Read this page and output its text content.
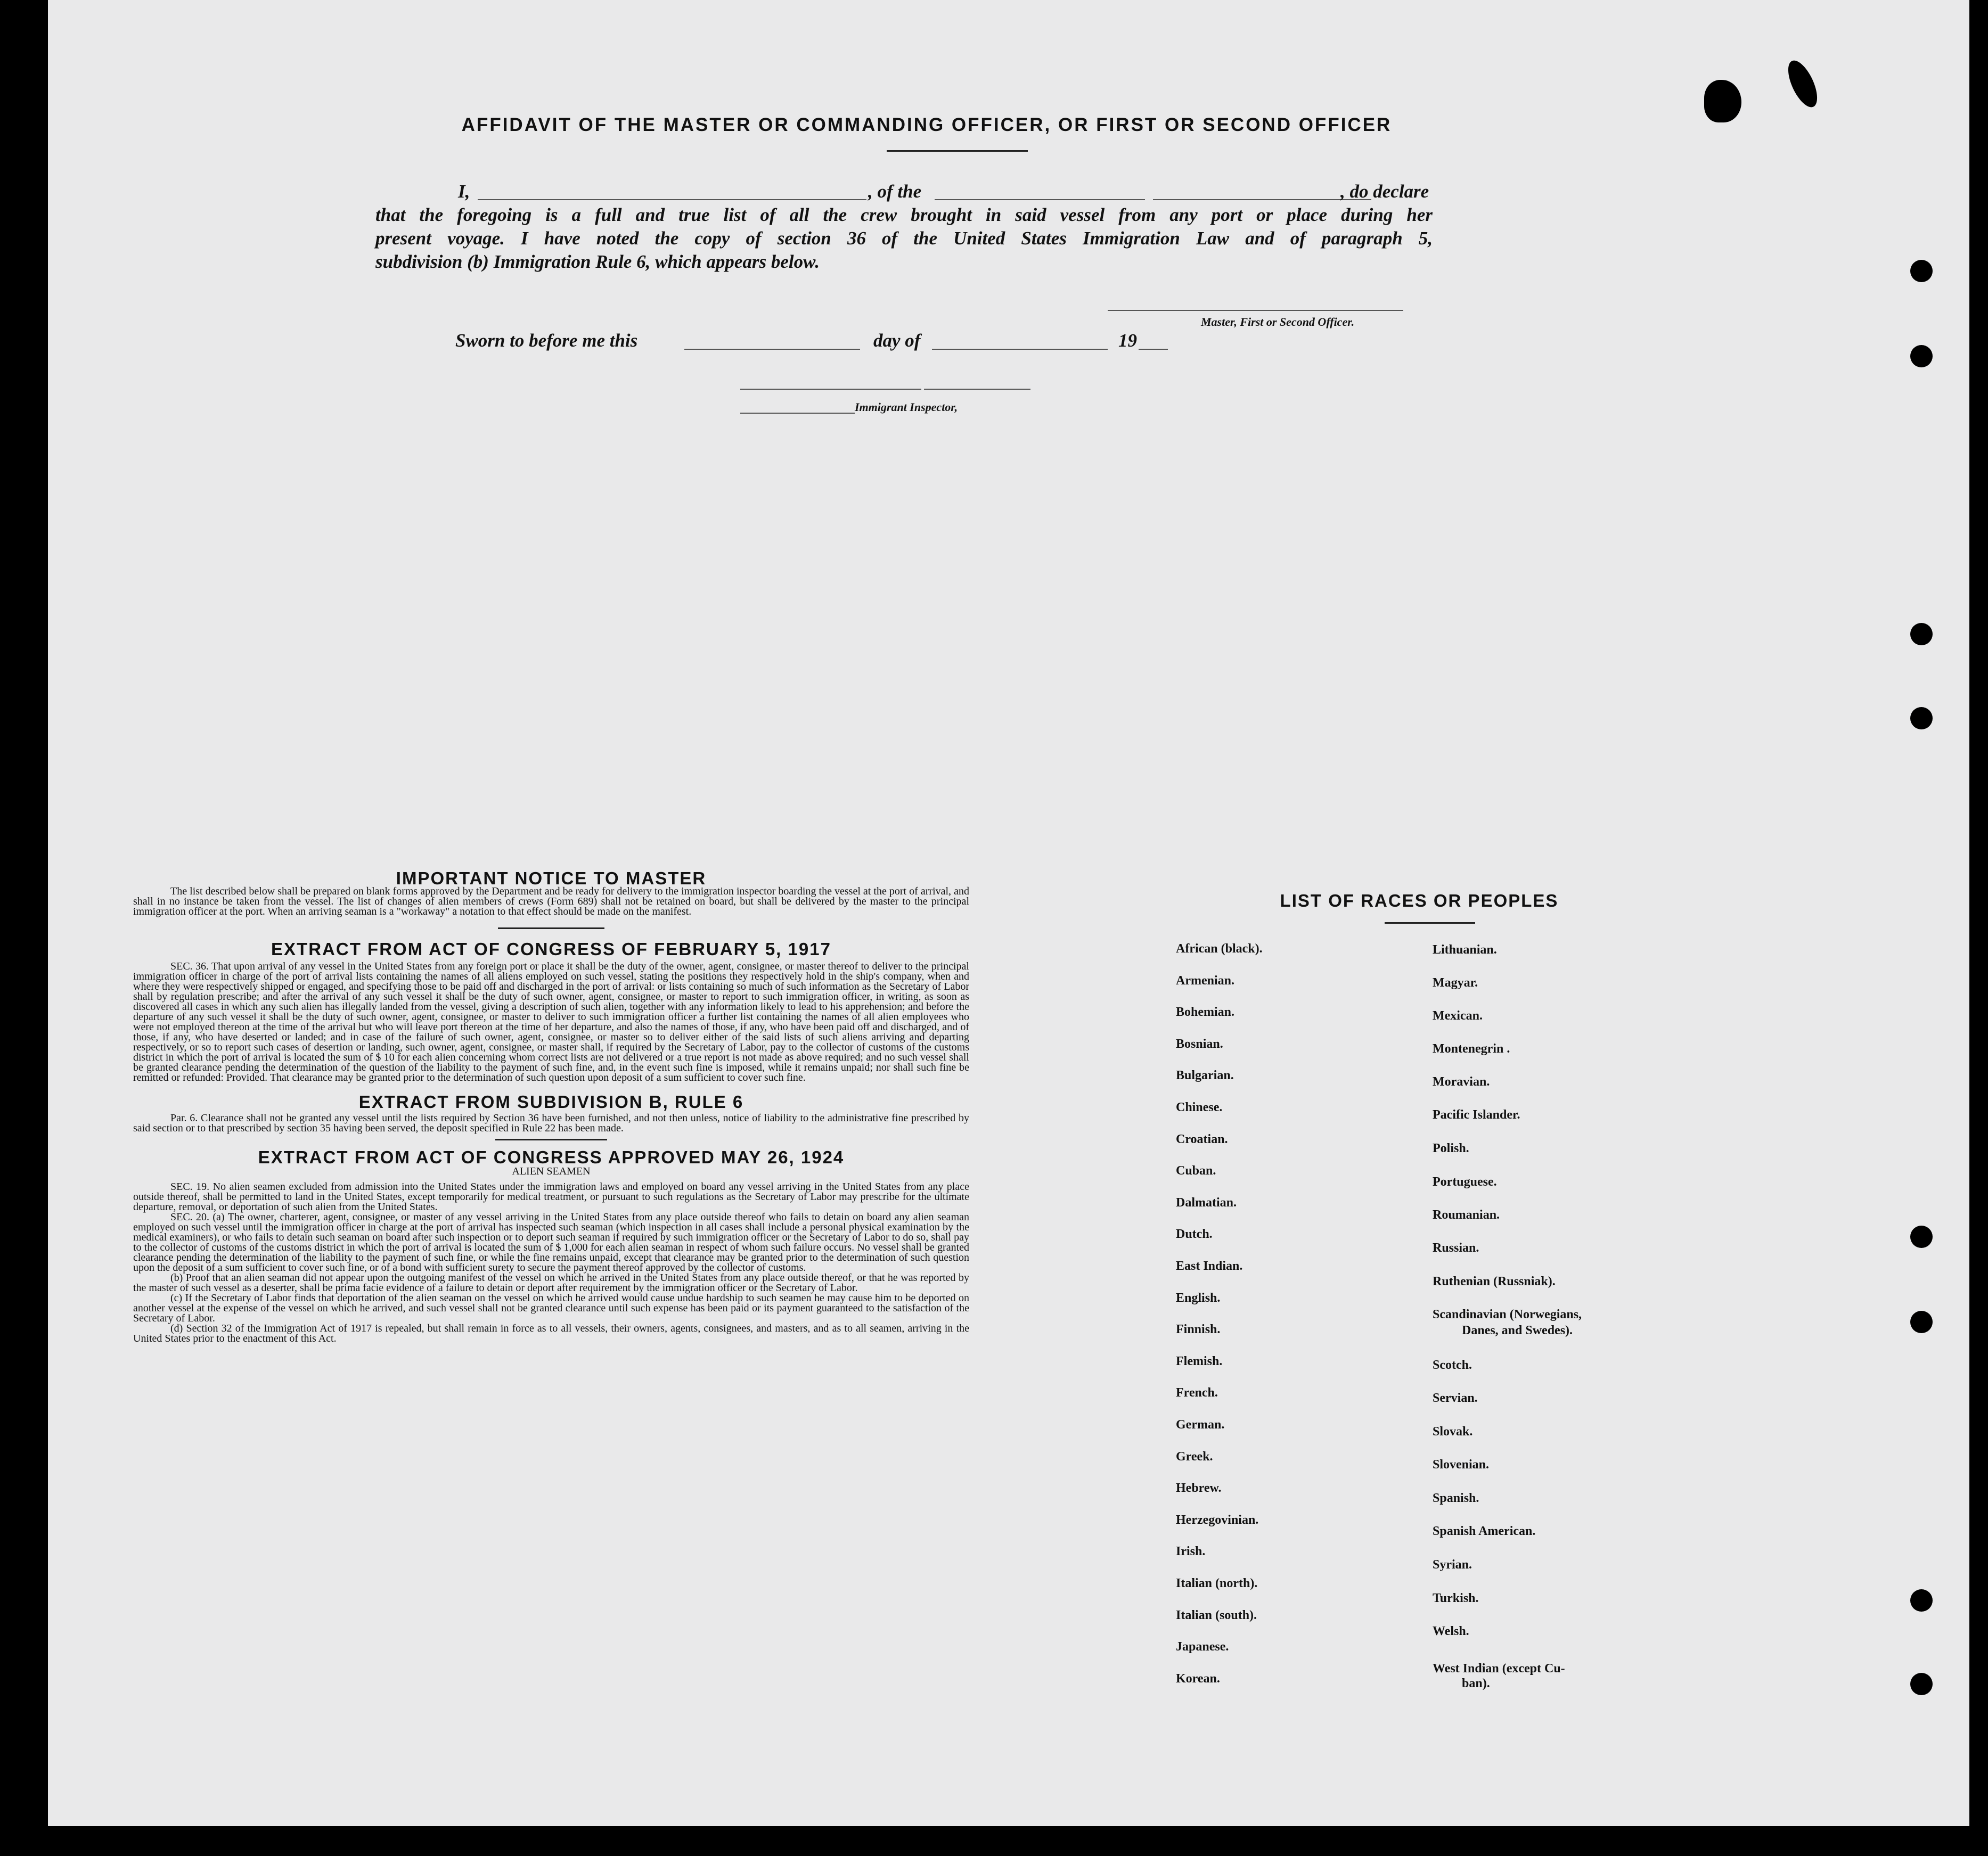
AFFIDAVIT OF THE MASTER OR COMMANDING OFFICER, OR FIRST OR SECOND OFFICER
I,	, of the	, do declare

that the foregoing is a full and true list of all the crew brought in said vessel from any port or place during her

present voyage. I have noted the copy of section 36 of the United States Immigration Law and of paragraph 5,

subdivision (b) Immigration Rule 6, which appears below.

Master, First or Second Officer.
Sworn to before me this	day of	19
Immigrant Inspector,

IMPORTANT NOTICE TO MASTER

The list described below shall be prepared on blank forms approved by the Department and be ready for delivery to the immigration inspector boarding the vessel at the port of arrival, and shall in no instance be taken from the vessel. The list of changes of alien members of crews (Form 689) shall not be retained on board, but shall be delivered by the master to the principal immigration officer at the port. When an arriving seaman is a "workaway" a notation to that effect should be made on the manifest.

EXTRACT FROM ACT OF CONGRESS OF FEBRUARY 5, 1917

SEC. 36. That upon arrival of any vessel in the United States from any foreign port or place it shall be the duty of the owner, agent, consignee, or master thereof to deliver to the principal immigration officer in charge of the port of arrival lists containing the names of all aliens employed on such vessel, stating the positions they respectively hold in the ship's company, when and where they were respectively shipped or engaged, and specifying those to be paid off and discharged in the port of arrival: or lists containing so much of such information as the Secretary of Labor shall by regulation prescribe; and after the arrival of any such vessel it shall be the duty of such owner, agent, consignee, or master to report to such immigration officer, in writing, as soon as discovered all cases in which any such alien has illegally landed from the vessel, giving a description of such alien, together with any information likely to lead to his apprehension; and before the departure of any such vessel it shall be the duty of such owner, agent, consignee, or master to deliver to such immigration officer a further list containing the names of all alien employees who were not employed thereon at the time of the arrival but who will leave port thereon at the time of her departure, and also the names of those, if any, who have been paid off and discharged, and of those, if any, who have deserted or landed; and in case of the failure of such owner, agent, consignee, or master so to deliver either of the said lists of such aliens arriving and departing respectively, or so to report such cases of desertion or landing, such owner, agent, consignee, or master shall, if required by the Secretary of Labor, pay to the collector of customs of the customs district in which the port of arrival is located the sum of $ 10 for each alien concerning whom correct lists are not delivered or a true report is not made as above required; and no such vessel shall be granted clearance pending the determination of the question of the liability to the payment of such fine, and, in the event such fine is imposed, while it remains unpaid; nor shall such fine be remitted or refunded: Provided. That clearance may be granted prior to the determination of such question upon deposit of a sum sufficient to cover such fine.

EXTRACT FROM SUBDIVISION B, RULE 6

Par. 6. Clearance shall not be granted any vessel until the lists required by Section 36 have been furnished, and not then unless, notice of liability to the administrative fine prescribed by said section or to that prescribed by section 35 having been served, the deposit specified in Rule 22 has been made.

EXTRACT FROM ACT OF CONGRESS APPROVED MAY 26, 1924

ALIEN SEAMEN

SEC. 19. No alien seamen excluded from admission into the United States under the immigration laws and employed on board any vessel arriving in the United States from any place outside thereof, shall be permitted to land in the United States, except temporarily for medical treatment, or pursuant to such regulations as the Secretary of Labor may prescribe for the ultimate departure, removal, or deportation of such alien from the United States.

SEC. 20. (a) The owner, charterer, agent, consignee, or master of any vessel arriving in the United States from any place outside thereof who fails to detain on board any alien seaman employed on such vessel until the immigration officer in charge at the port of arrival has inspected such seaman (which inspection in all cases shall include a personal physical examination by the medical examiners), or who fails to detain such seaman on board after such inspection or to deport such seaman if required by such immigration officer or the Secretary of Labor to do so, shall pay to the collector of customs of the customs district in which the port of arrival is located the sum of $ 1,000 for each alien seaman in respect of whom such failure occurs. No vessel shall be granted clearance pending the determination of the liability to the payment of such fine, or while the fine remains unpaid, except that clearance may be granted prior to the determination of such question upon the deposit of a sum sufficient to cover such fine, or of a bond with sufficient surety to secure the payment thereof approved by the collector of customs.

(b) Proof that an alien seaman did not appear upon the outgoing manifest of the vessel on which he arrived in the United States from any place outside thereof, or that he was reported by the master of such vessel as a deserter, shall be prima facie evidence of a failure to detain or deport after requirement by the immigration officer or the Secretary of Labor.

(c) If the Secretary of Labor finds that deportation of the alien seaman on the vessel on which he arrived would cause undue hardship to such seamen he may cause him to be deported on another vessel at the expense of the vessel on which he arrived, and such vessel shall not be granted clearance until such expense has been paid or its payment guaranteed to the satisfaction of the Secretary of Labor.

(d) Section 32 of the Immigration Act of 1917 is repealed, but shall remain in force as to all vessels, their owners, agents, consignees, and masters, and as to all seamen, arriving in the United States prior to the enactment of this Act.

LIST OF RACES OR PEOPLES
African (black).
Armenian.
Bohemian.
Bosnian.
Bulgarian.
Chinese.
Croatian.
Cuban.
Dalmatian.
Dutch.
East Indian.
English.
Finnish.
Flemish.
French.
German.
Greek.
Hebrew.
Herzegovinian.
Irish.
Italian (north).
Italian (south).
Japanese.
Korean.
Lithuanian.
Magyar.
Mexican.
Montenegrin .
Moravian.
Pacific Islander.
Polish.
Portuguese.
Roumanian.
Russian.
Ruthenian (Russniak).
Scandinavian (Norwegians,
Danes, and Swedes).
Scotch.
Servian.
Slovak.
Slovenian.
Spanish.
Spanish American.
Syrian.
Turkish.
Welsh.
West Indian (except Cu-
ban).
